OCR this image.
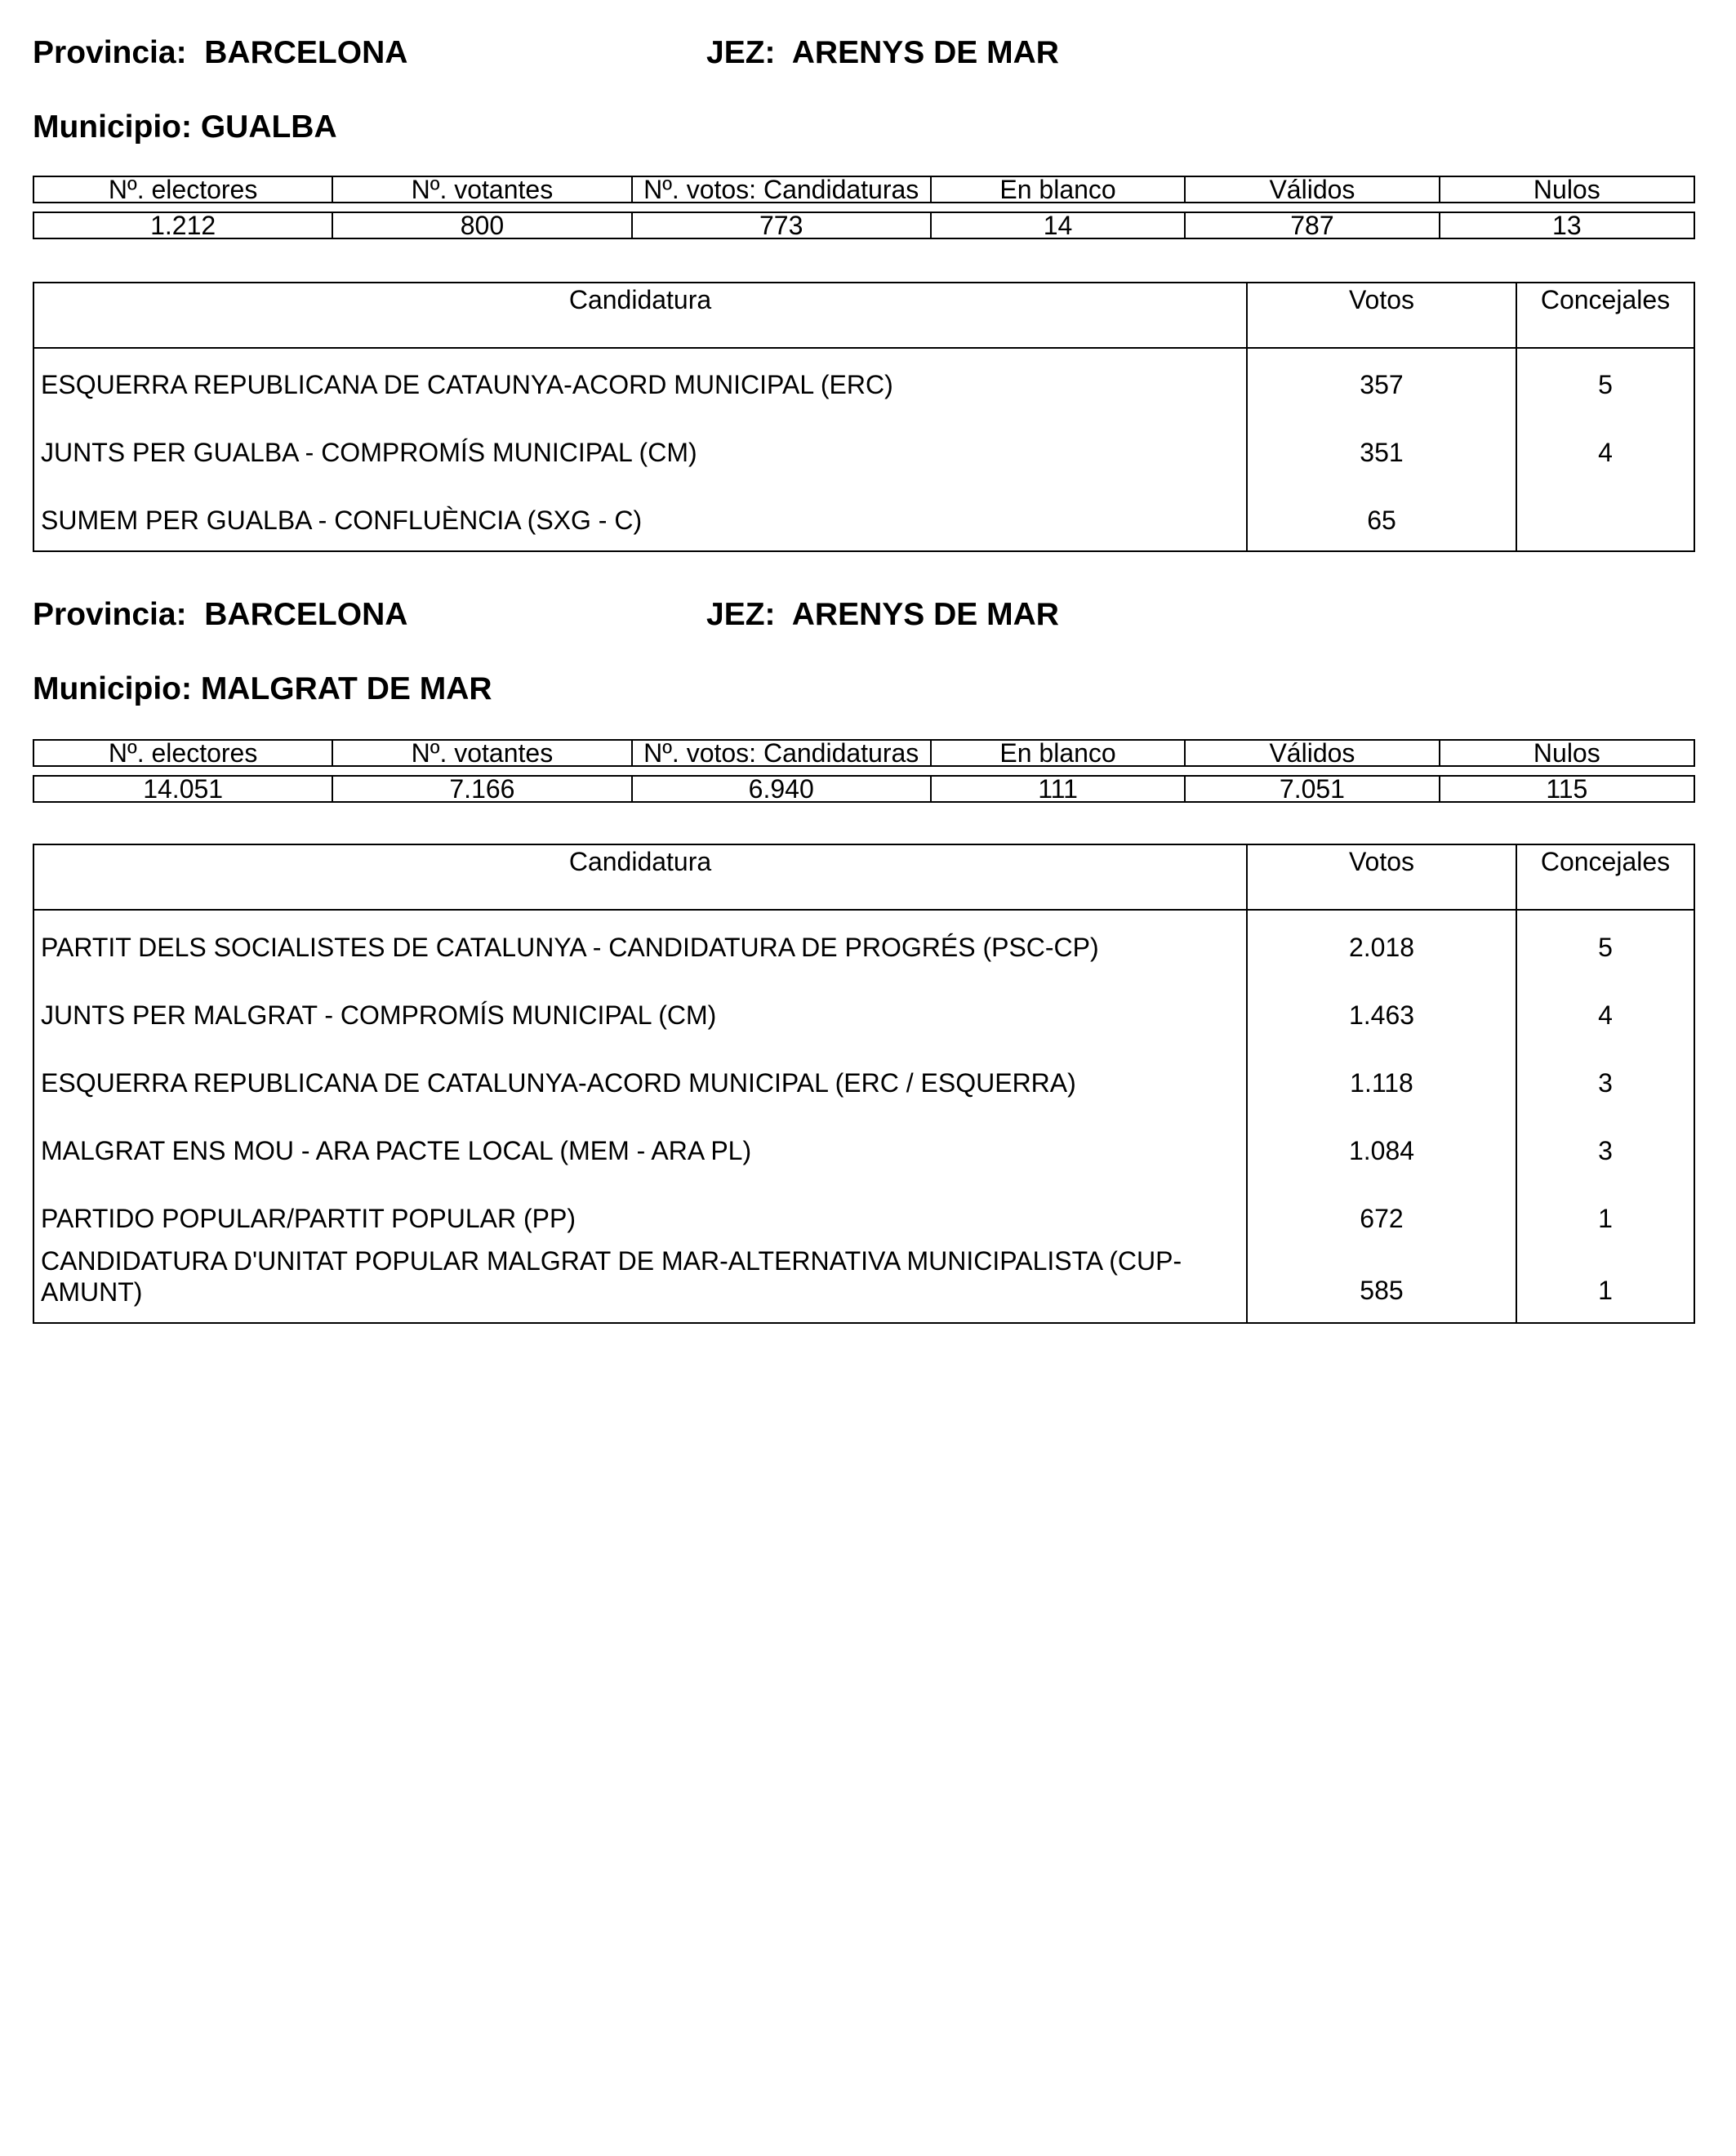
Provincia: BARCELONA	JEZ: ARENYS DE MAR
Municipio: GUALBA
Nº. electores	Nº. votantes	Nº. votos: Candidaturas	En blanco	Válidos	Nulos
1.212	800	773	14	787	13
Candidatura	Votos	Concejales
ESQUERRA REPUBLICANA DE CATAUNYA-ACORD MUNICIPAL (ERC)	357	5
JUNTS PER GUALBA - COMPROMÍS MUNICIPAL (CM)	351	4
SUMEM PER GUALBA - CONFLUÈNCIA (SXG - C)	65
Provincia: BARCELONA	JEZ: ARENYS DE MAR
Municipio: MALGRAT DE MAR
Nº. electores	Nº. votantes	Nº. votos: Candidaturas	En blanco	Válidos	Nulos
14.051	7.166	6.940	111	7.051	115
Candidatura	Votos	Concejales
PARTIT DELS SOCIALISTES DE CATALUNYA - CANDIDATURA DE PROGRÉS (PSC-CP)	2.018	5
JUNTS PER MALGRAT - COMPROMÍS MUNICIPAL (CM)	1.463	4
ESQUERRA REPUBLICANA DE CATALUNYA-ACORD MUNICIPAL (ERC / ESQUERRA)	1.118	3
MALGRAT ENS MOU - ARA PACTE LOCAL (MEM - ARA PL)	1.084	3
PARTIDO POPULAR/PARTIT POPULAR (PP)	672	1
CANDIDATURA D'UNITAT POPULAR MALGRAT DE MAR-ALTERNATIVA MUNICIPALISTA (CUP-AMUNT)	585	1
